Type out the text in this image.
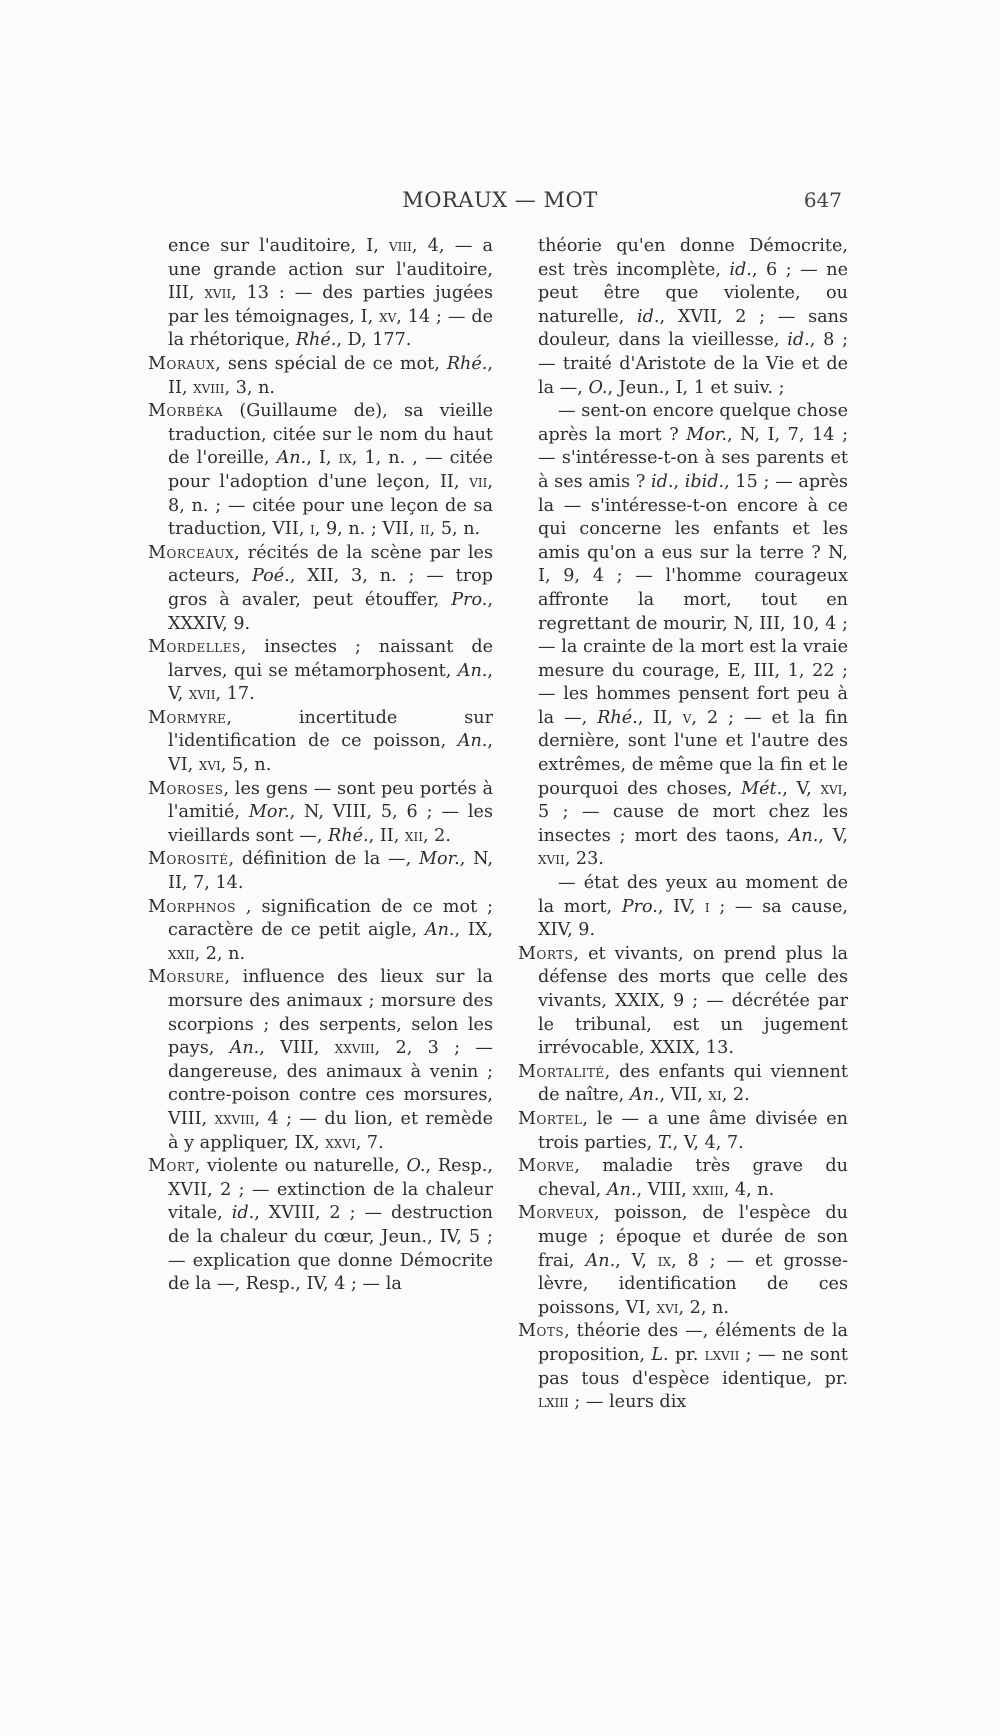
MORAUX — MOT	647

ence sur l'auditoire, I, viii, 4, — a une grande action sur l'auditoire, III, xvii, 13 : — des parties jugées par les témoignages, I, xv, 14 ; — de la rhétorique, Rhé., D, 177.

Moraux, sens spécial de ce mot, Rhé., II, xviii, 3, n.

Morbéka (Guillaume de), sa vieille traduction, citée sur le nom du haut de l'oreille, An., I, ix, 1, n. , — citée pour l'adoption d'une leçon, II, vii, 8, n. ; — citée pour une leçon de sa traduction, VII, i, 9, n. ; VII, ii, 5, n.

Morceaux, récités de la scène par les acteurs, Poé., XII, 3, n. ; — trop gros à avaler, peut étouffer, Pro., XXXIV, 9.

Mordelles, insectes ; naissant de larves, qui se métamorphosent, An., V, xvii, 17.

Mormyre, incertitude sur l'identification de ce poisson, An., VI, xvi, 5, n.

Moroses, les gens — sont peu portés à l'amitié, Mor., N, VIII, 5, 6 ; — les vieillards sont —, Rhé., II, xii, 2.

Morosité, définition de la —, Mor., N, II, 7, 14.

Morphnos , signification de ce mot ; caractère de ce petit aigle, An., IX, xxii, 2, n.

Morsure, influence des lieux sur la morsure des animaux ; morsure des scorpions ; des serpents, selon les pays, An., VIII, xxviii, 2, 3 ; — dangereuse, des animaux à venin ; contre-poison contre ces morsures, VIII, xxviii, 4 ; — du lion, et remède à y appliquer, IX, xxvi, 7.

Mort, violente ou naturelle, O., Resp., XVII, 2 ; — extinction de la chaleur vitale, id., XVIII, 2 ; — destruction de la chaleur du cœur, Jeun., IV, 5 ; — explication que donne Démocrite de la —, Resp., IV, 4 ; — la

théorie qu'en donne Démocrite, est très incomplète, id., 6 ; — ne peut être que violente, ou naturelle, id., XVII, 2 ; — sans douleur, dans la vieillesse, id., 8 ; — traité d'Aristote de la Vie et de la —, O., Jeun., I, 1 et suiv. ;

— sent-on encore quelque chose après la mort ? Mor., N, I, 7, 14 ; — s'intéresse-t-on à ses parents et à ses amis ? id., ibid., 15 ; — après la — s'intéresse-t-on encore à ce qui concerne les enfants et les amis qu'on a eus sur la terre ? N, I, 9, 4 ; — l'homme courageux affronte la mort, tout en regrettant de mourir, N, III, 10, 4 ; — la crainte de la mort est la vraie mesure du courage, E, III, 1, 22 ; — les hommes pensent fort peu à la —, Rhé., II, v, 2 ; — et la fin dernière, sont l'une et l'autre des extrêmes, de même que la fin et le pourquoi des choses, Mét., V, xvi, 5 ; — cause de mort chez les insectes ; mort des taons, An., V, xvii, 23.

— état des yeux au moment de la mort, Pro., IV, i ; — sa cause, XIV, 9.

Morts, et vivants, on prend plus la défense des morts que celle des vivants, XXIX, 9 ; — décrétée par le tribunal, est un jugement irrévocable, XXIX, 13.

Mortalité, des enfants qui viennent de naître, An., VII, xi, 2.

Mortel, le — a une âme divisée en trois parties, T., V, 4, 7.

Morve, maladie très grave du cheval, An., VIII, xxiii, 4, n.

Morveux, poisson, de l'espèce du muge ; époque et durée de son frai, An., V, ix, 8 ; — et grosse-lèvre, identification de ces poissons, VI, xvi, 2, n.

Mots, théorie des —, éléments de la proposition, L. pr. lxvii ; — ne sont pas tous d'espèce identique, pr. lxiii ; — leurs dix
